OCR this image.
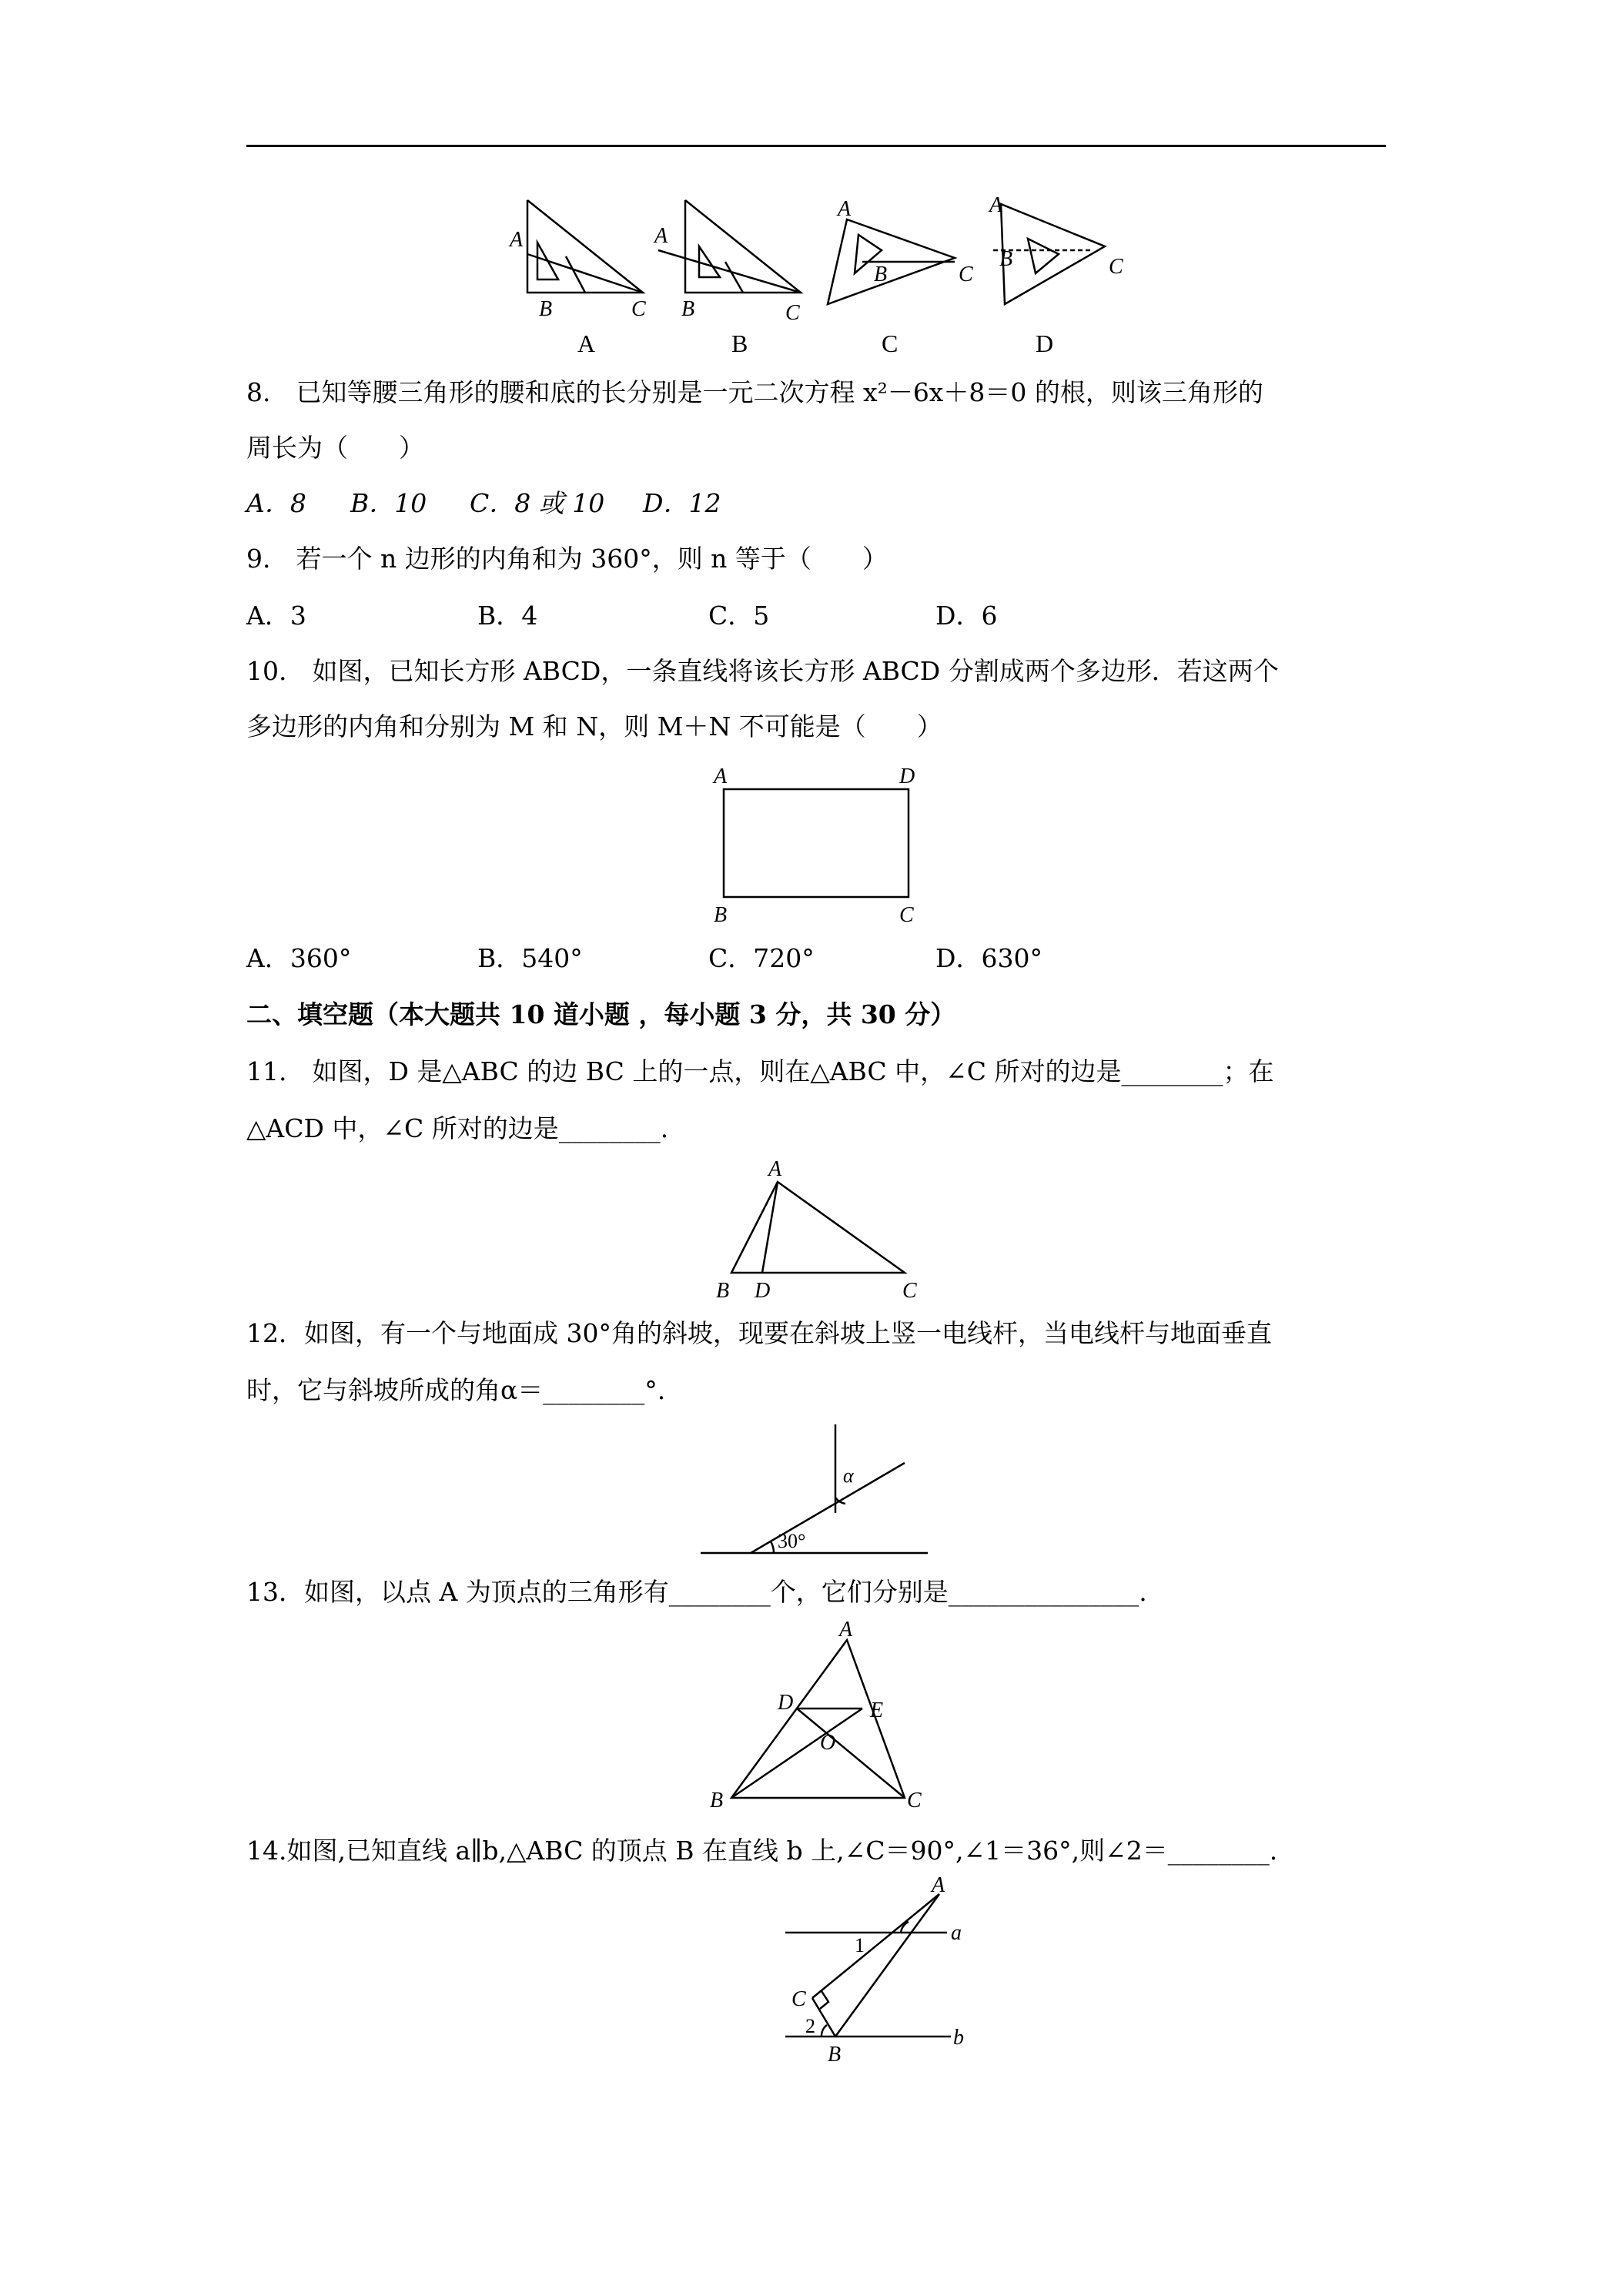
A
B	C
A
B	C
A
B	C
A
B	C
A	B	C	D
8.　已知等腰三角形的腰和底的长分别是一元二次方程 x²－6x＋8＝0 的根，则该三角形的
周长为（　　）
A．8 B．10 C．8 或 10 D．12
9.　若一个 n 边形的内角和为 360°，则 n 等于（　　）
A．3	B．4	C．5	D．6
10.　如图，已知长方形 ABCD，一条直线将该长方形 ABCD 分割成两个多边形．若这两个
多边形的内角和分别为 M 和 N，则 M＋N 不可能是（　　）
A	D
B	C
A．360°	B．540°	C．720°	D．630°
二、填空题（本大题共 10 道小题 ，每小题 3 分，共 30 分）
11.　如图，D 是△ABC 的边 BC 上的一点，则在△ABC 中，∠C 所对的边是________；在
△ACD 中，∠C 所对的边是________.
A
B D	C
12．如图，有一个与地面成 30°角的斜坡，现要在斜坡上竖一电线杆，当电线杆与地面垂直
时，它与斜坡所成的角α＝________°.
α
30°
13．如图，以点 A 为顶点的三角形有________个，它们分别是_______________.
A
D	E
O
B	C
14.如图,已知直线 a∥b,△ABC 的顶点 B 在直线 b 上,∠C＝90°,∠1＝36°,则∠2＝________.
A
C
B
a
b
1
2
